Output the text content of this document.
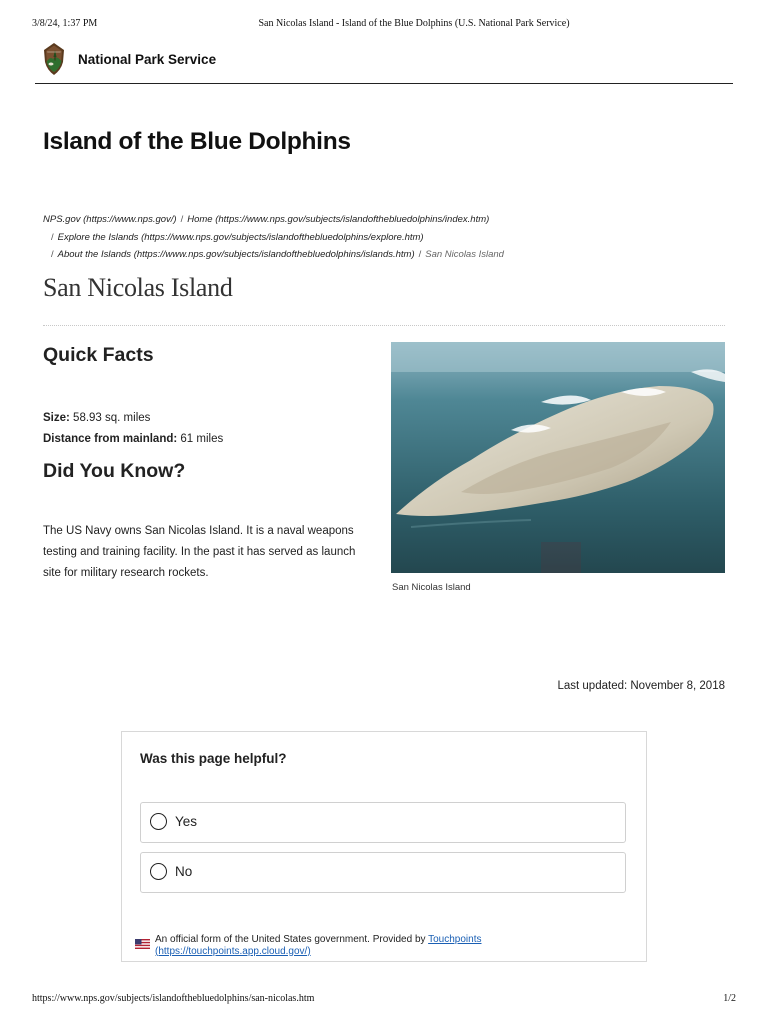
3/8/24, 1:37 PM	San Nicolas Island - Island of the Blue Dolphins (U.S. National Park Service)
National Park Service
Island of the Blue Dolphins
NPS.gov (https://www.nps.gov/) / Home (https://www.nps.gov/subjects/islandofthebluedolphins/index.htm)
/ Explore the Islands (https://www.nps.gov/subjects/islandofthebluedolphins/explore.htm)
/ About the Islands (https://www.nps.gov/subjects/islandofthebluedolphins/islands.htm) / San Nicolas Island
San Nicolas Island
Quick Facts
Size: 58.93 sq. miles
Distance from mainland: 61 miles
Did You Know?

The US Navy owns San Nicolas Island. It is a naval weapons testing and training facility. In the past it has served as launch site for military research rockets.

San Nicolas Island
Last updated: November 8, 2018
Was this page helpful?
Yes
No
An official form of the United States government. Provided by Touchpoints
(https://touchpoints.app.cloud.gov/)
https://www.nps.gov/subjects/islandofthebluedolphins/san-nicolas.htm	1/2
